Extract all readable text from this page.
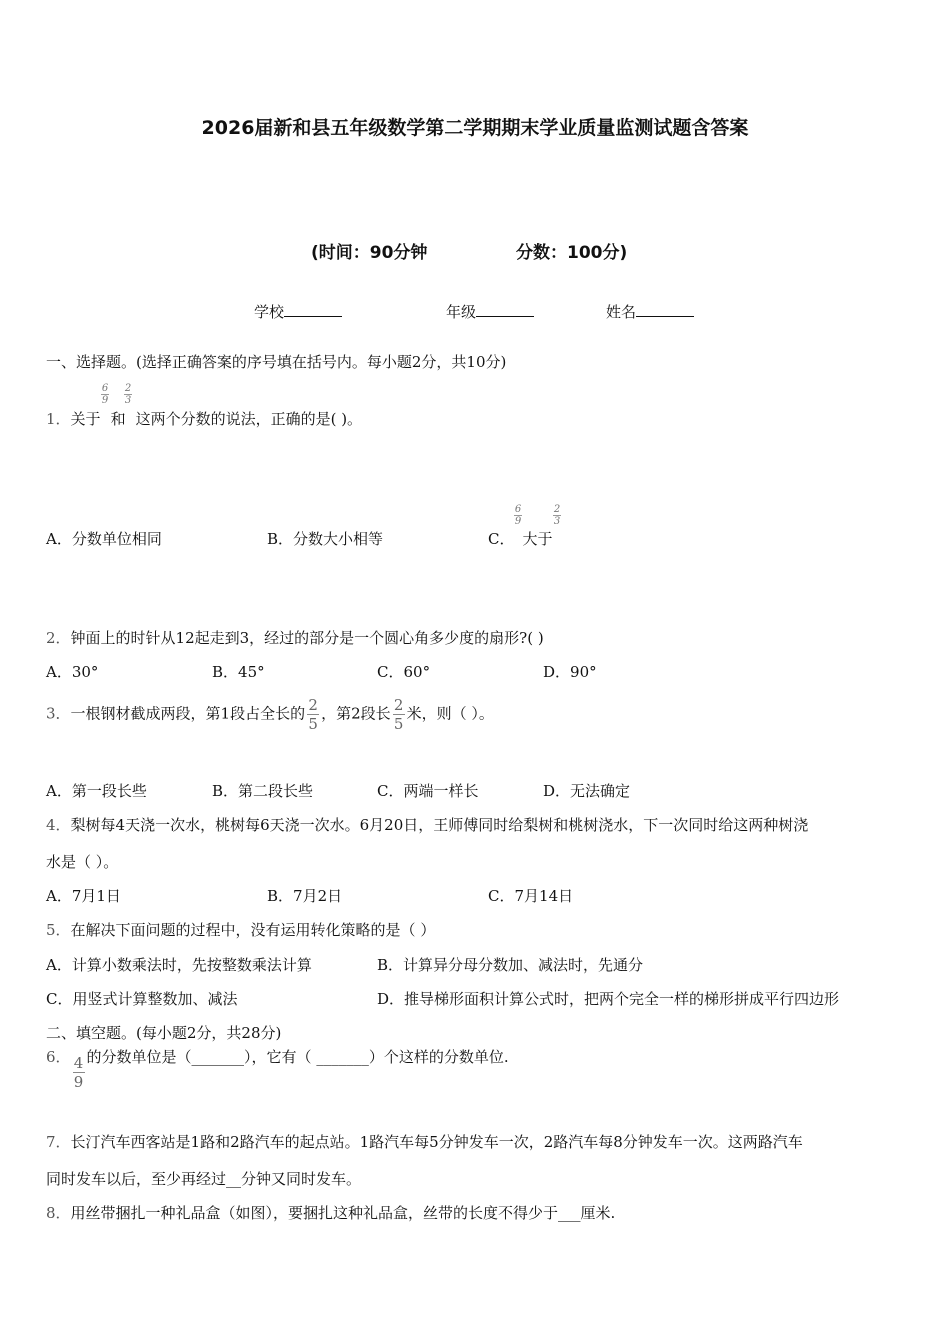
2026届新和县五年级数学第二学期期末学业质量监测试题含答案
(时间：90分钟	分数：100分)
学校	年级	姓名
一、选择题。(选择正确答案的序号填在括号内。每小题2分，共10分)
6
9
2
3
1．关于 和 这两个分数的说法，正确的是( )。
A．分数单位相同	B．分数大小相等
6
9
2
3
C． 大于
2．钟面上的时针从12起走到3，经过的部分是一个圆心角多少度的扇形?( )
A．30°	B．45°	C．60°	D．90°
3．一根钢材截成两段，第1段占全长的 $\frac{2}{5}$ ，第2段长 $\frac{2}{5}$ 米，则（ ）。
A．第一段长些	B．第二段长些	C．两端一样长	D．无法确定
4．梨树每4天浇一次水，桃树每6天浇一次水。6月20日，王师傅同时给梨树和桃树浇水，下一次同时给这两种树浇
水是（ ）。
A．7月1日	B．7月2日	C．7月14日
5．在解决下面问题的过程中，没有运用转化策略的是（ ）
A．计算小数乘法时，先按整数乘法计算	B．计算异分母分数加、减法时，先通分
C．用竖式计算整数加、减法	D．推导梯形面积计算公式时，把两个完全一样的梯形拼成平行四边形
二、填空题。(每小题2分，共28分)
6． $\frac{4}{9}$ 的分数单位是（_______），它有（ _______）个这样的分数单位.
7．长汀汽车西客站是1路和2路汽车的起点站。1路汽车每5分钟发车一次，2路汽车每8分钟发车一次。这两路汽车
同时发车以后，至少再经过__分钟又同时发车。
8．用丝带捆扎一种礼品盒（如图），要捆扎这种礼品盒，丝带的长度不得少于___厘米.
